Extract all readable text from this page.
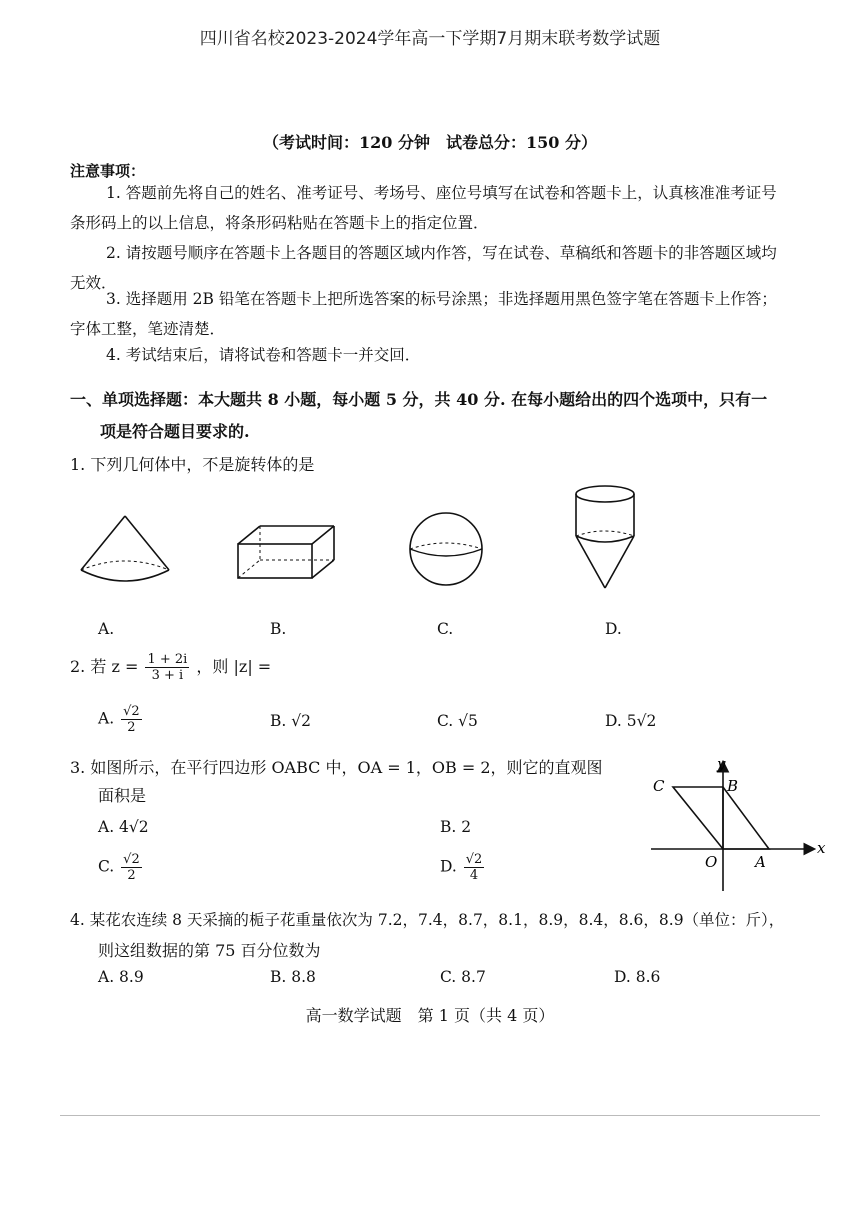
四川省名校2023-2024学年高一下学期7月期末联考数学试题
（考试时间：120 分钟　试卷总分：150 分）
注意事项：
1. 答题前先将自己的姓名、准考证号、考场号、座位号填写在试卷和答题卡上，认真核准准考证号条形码上的以上信息，将条形码粘贴在答题卡上的指定位置．
2. 请按题号顺序在答题卡上各题目的答题区域内作答，写在试卷、草稿纸和答题卡的非答题区域均无效．
3. 选择题用 2B 铅笔在答题卡上把所选答案的标号涂黑；非选择题用黑色签字笔在答题卡上作答；字体工整，笔迹清楚．
4. 考试结束后，请将试卷和答题卡一并交回．
一、单项选择题：本大题共 8 小题，每小题 5 分，共 40 分. 在每小题给出的四个选项中，只有一
项是符合题目要求的.
1. 下列几何体中，不是旋转体的是
A.	B.	C.	D.
2. 若 $z = \frac{1 + 2i}{3 + i}$ ，则 |z| =
A. $\frac{√2}{2}$	B. √2	C. √5	D. 5√2
3. 如图所示，在平行四边形 OABC 中，OA = 1，OB = 2，则它的直观图
面积是
A. 4√2	B. 2
C. $\frac{√2}{2}$	D. $\frac{√2}{4}$
y
x
C	B
O	A
4. 某花农连续 8 天采摘的栀子花重量依次为 7.2，7.4，8.7，8.1，8.9，8.4，8.6，8.9（单位：斤），
则这组数据的第 75 百分位数为
A. 8.9	B. 8.8	C. 8.7	D. 8.6
高一数学试题　第 1 页（共 4 页）
